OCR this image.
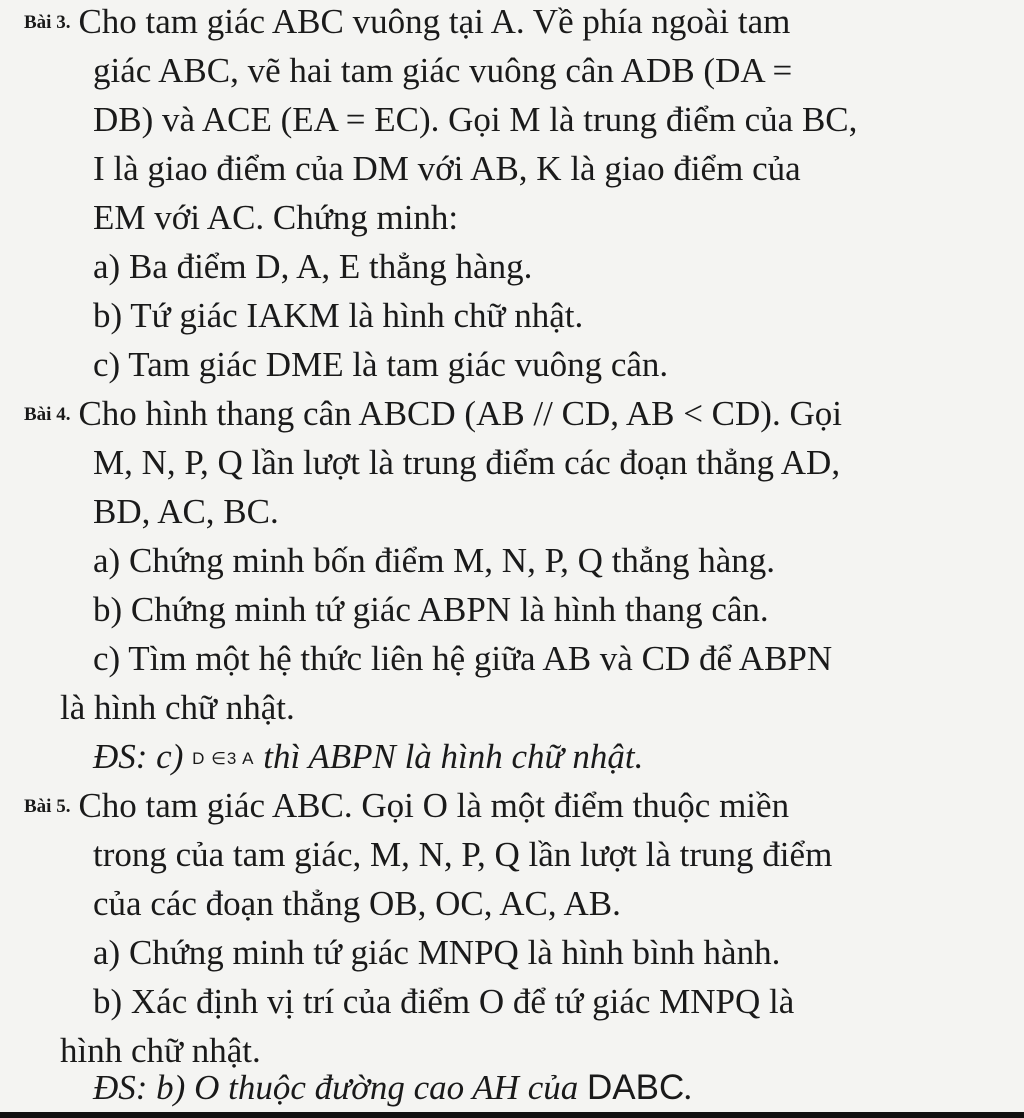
Bài 3. Cho tam giác ABC vuông tại A. Về phía ngoài tam
giác ABC, vẽ hai tam giác vuông cân ADB (DA =
DB) và ACE (EA = EC). Gọi M là trung điểm của BC,
I là giao điểm của DM với AB, K là giao điểm của
EM với AC. Chứng minh:
a) Ba điểm D, A, E thẳng hàng.
b) Tứ giác IAKM là hình chữ nhật.
c) Tam giác DME là tam giác vuông cân.
Bài 4. Cho hình thang cân ABCD (AB // CD, AB < CD). Gọi
M, N, P, Q lần lượt là trung điểm các đoạn thẳng AD,
BD, AC, BC.
a) Chứng minh bốn điểm M, N, P, Q thẳng hàng.
b) Chứng minh tứ giác ABPN là hình thang cân.
c) Tìm một hệ thức liên hệ giữa AB và CD để ABPN
là hình chữ nhật.
ĐS: c) D ∈3 A thì ABPN là hình chữ nhật.
Bài 5. Cho tam giác ABC. Gọi O là một điểm thuộc miền
trong của tam giác, M, N, P, Q lần lượt là trung điểm
của các đoạn thẳng OB, OC, AC, AB.
a) Chứng minh tứ giác MNPQ là hình bình hành.
b) Xác định vị trí của điểm O để tứ giác MNPQ là
hình chữ nhật.
ĐS: b) O thuộc đường cao AH của DABC.
